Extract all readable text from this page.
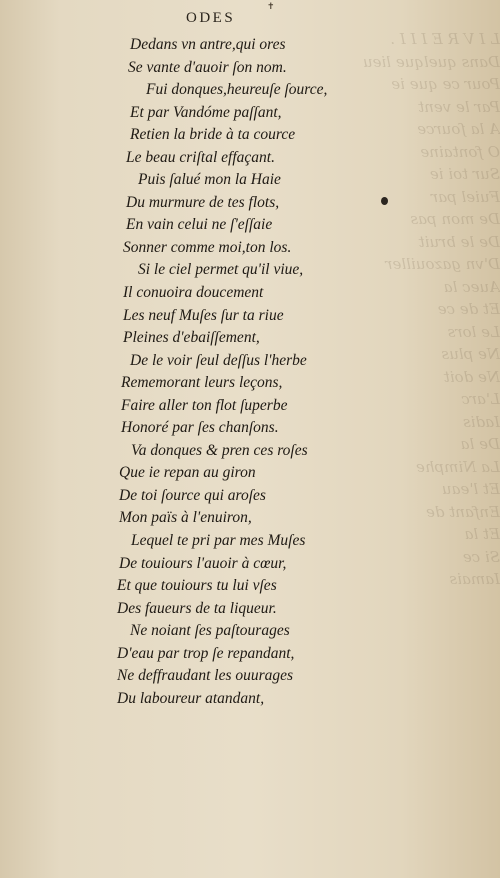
L I V R E I I I .
Dans quelque lieu
Pour ce que ie
Par le vent
A la ſource
O fontaine
Sur toi ie
Fuiel par
De mon pas
De le bruit
D'vn gazouiller
Auec la
Et de ce
Le lors
Ne plus
Ne doit
L'arc
Iadis
De la
La Nimphe
Et l'eau
Enfant de
Et la
Si ce
Iamais
✝
ODES
Dedans vn antre,qui ores
Se vante d'auoir ſon nom.
Fui donques,heureuſe ſource,
Et par Vandóme paſſant,
Retien la bride à ta cource
Le beau criſtal effaçant.
Puis ſalué mon la Haie
Du murmure de tes flots,
En vain celui ne ſ'eſſaie
Sonner comme moi,ton los.
Si le ciel permet qu'il viue,
Il conuoira doucement
Les neuf Muſes ſur ta riue
Pleines d'ebaiſſement,
De le voir ſeul deſſus l'herbe
Rememorant leurs leçons,
Faire aller ton flot ſuperbe
Honoré par ſes chanſons.
Va donques & pren ces roſes
Que ie repan au giron
De toi ſource qui aroſes
Mon païs à l'enuiron,
Lequel te pri par mes Muſes
De touiours l'auoir à cœur,
Et que touiours tu lui vſes
Des faueurs de ta liqueur.
Ne noiant ſes paſtourages
D'eau par trop ſe repandant,
Ne deffraudant les ouurages
Du laboureur atandant,
